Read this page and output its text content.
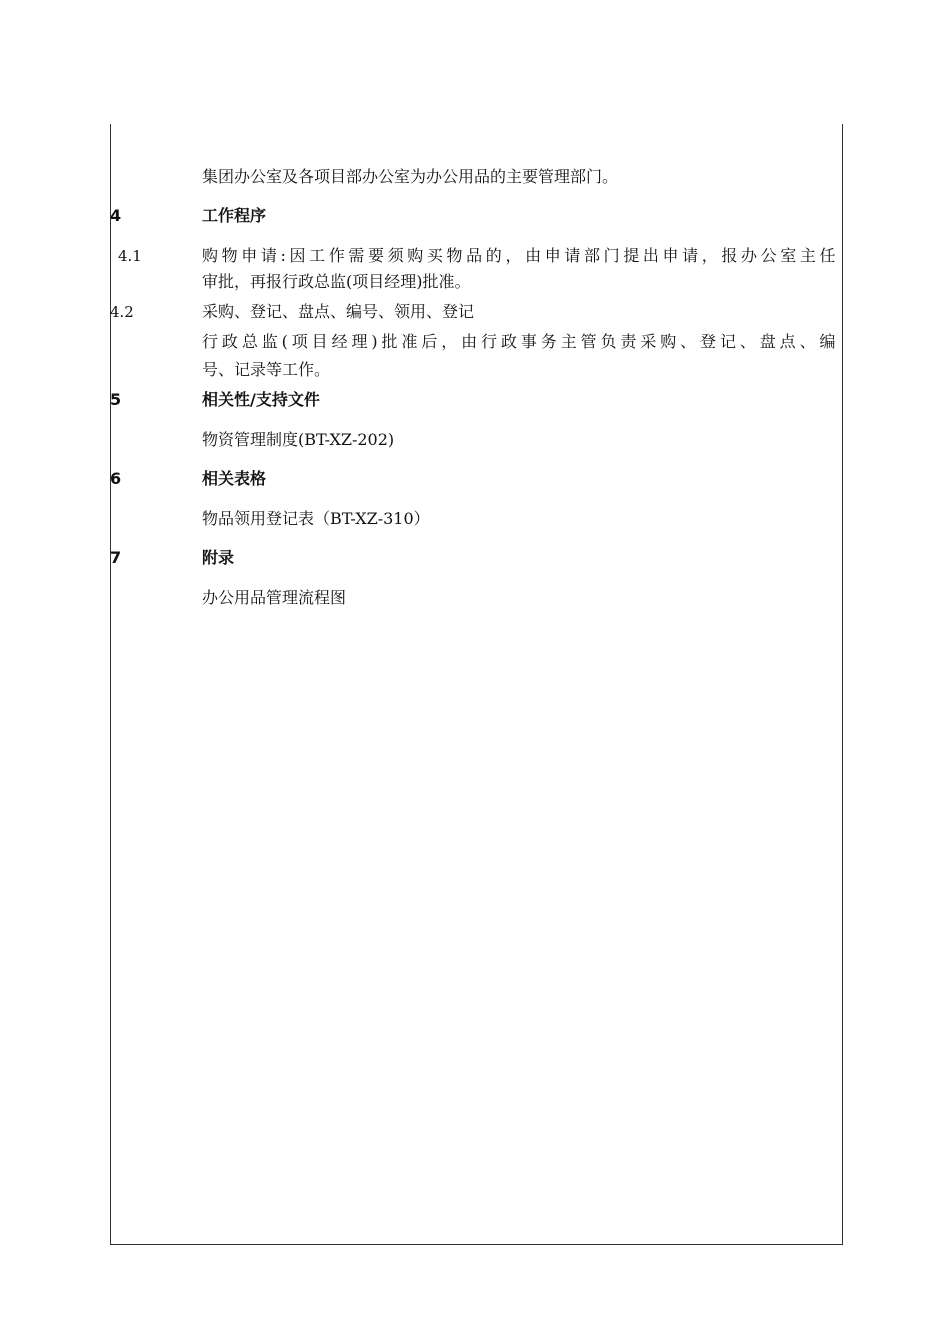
集团办公室及各项目部办公室为办公用品的主要管理部门。
4	工作程序
4.1	购物申请:因工作需要须购买物品的，由申请部门提出申请，报办公室主任
审批，再报行政总监(项目经理)批准。
4.2	采购、登记、盘点、编号、领用、登记
行政总监(项目经理)批准后，由行政事务主管负责采购、登记、盘点、编
号、记录等工作。
5	相关性/支持文件
物资管理制度(BT-XZ-202)
6	相关表格
物品领用登记表（BT-XZ-310）
7	附录
办公用品管理流程图
